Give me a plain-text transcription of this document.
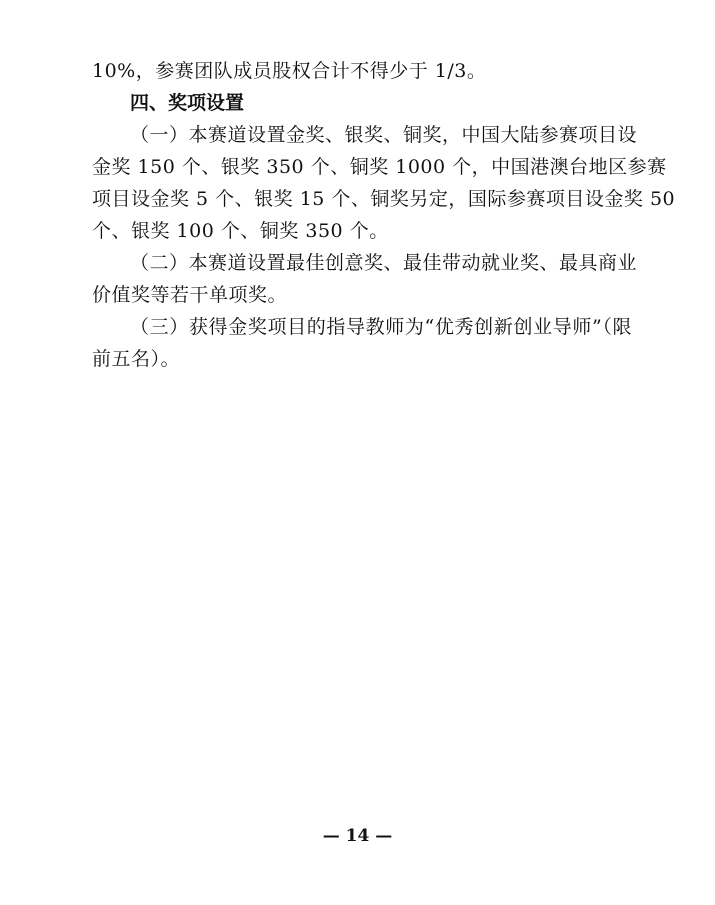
10%，参赛团队成员股权合计不得少于 1/3。
四、奖项设置
（一）本赛道设置金奖、银奖、铜奖，中国大陆参赛项目设
金奖 150 个、银奖 350 个、铜奖 1000 个，中国港澳台地区参赛
项目设金奖 5 个、银奖 15 个、铜奖另定，国际参赛项目设金奖 50
个、银奖 100 个、铜奖 350 个。
（二）本赛道设置最佳创意奖、最佳带动就业奖、最具商业
价值奖等若干单项奖。
（三）获得金奖项目的指导教师为“优秀创新创业导师”（限
前五名）。
— 14 —
